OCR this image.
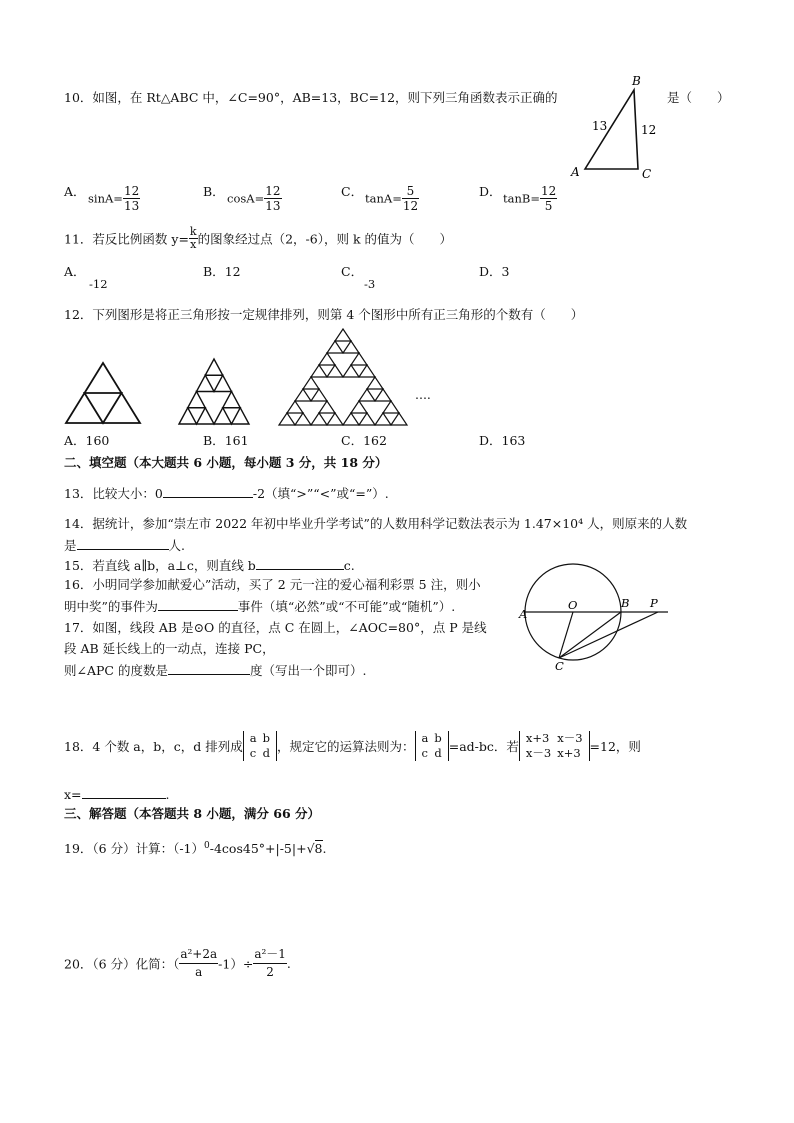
10．如图，在 Rt△ABC 中，∠C=90°，AB=13，BC=12，则下列三角函数表示正确的	是（　　）
B
A	C
13	12
A． $\sin A= \frac{12}{13}$	B． $\cos A= \frac{12}{13}$	C． $\tan A= \frac{5}{12}$	D． $\tan B= \frac{12}{5}$
11．若反比例函数 $y= \frac{k}{x}$ 的图象经过点（2，-6），则 k 的值为（　　）
A．
-12
B．12	C．
-3
D．3
12．下列图形是将正三角形按一定规律排列，则第 4 个图形中所有正三角形的个数有（　　）
....
A．160	B．161	C．162	D．163
二、填空题（本大题共 6 小题，每小题 3 分，共 18 分）
13．比较大小：0	-2（填“>”“<”或“=”）.
14．据统计，参加“崇左市 2022 年初中毕业升学考试”的人数用科学记数法表示为 1.47×10⁴ 人，则原来的人数
是	人.
15．若直线 a∥b，a⊥c，则直线 b	c.
16．小明同学参加献爱心”活动，买了 2 元一注的爱心福利彩票 5 注，则小
明中奖”的事件为	事件（填“必然”或“不可能”或“随机”）.
17．如图，线段 AB 是⊙O 的直径，点 C 在圆上，∠AOC=80°，点 P 是线
段 AB 延长线上的一动点，连接 PC，
则∠APC 的度数是	度（写出一个即可）.
A
O	B P
C
18．4 个数 a，b，c，d 排列成
a	b
c	d ，规定它的运算法则为：
a	b
c	d =ad-bc．若
x+3	x－3
x－3	x+3 =12，则
x=	.
三、解答题（本答题共 8 小题，满分 66 分）
19．（6 分）计算：$(-1)^0-4\cos 45^\circ+|-5|+√8$.
20．（6 分）化简：（ $\frac{\text{a²+2a}}{a} -1)\div \frac{\text{a²－1}}{2}$ .
